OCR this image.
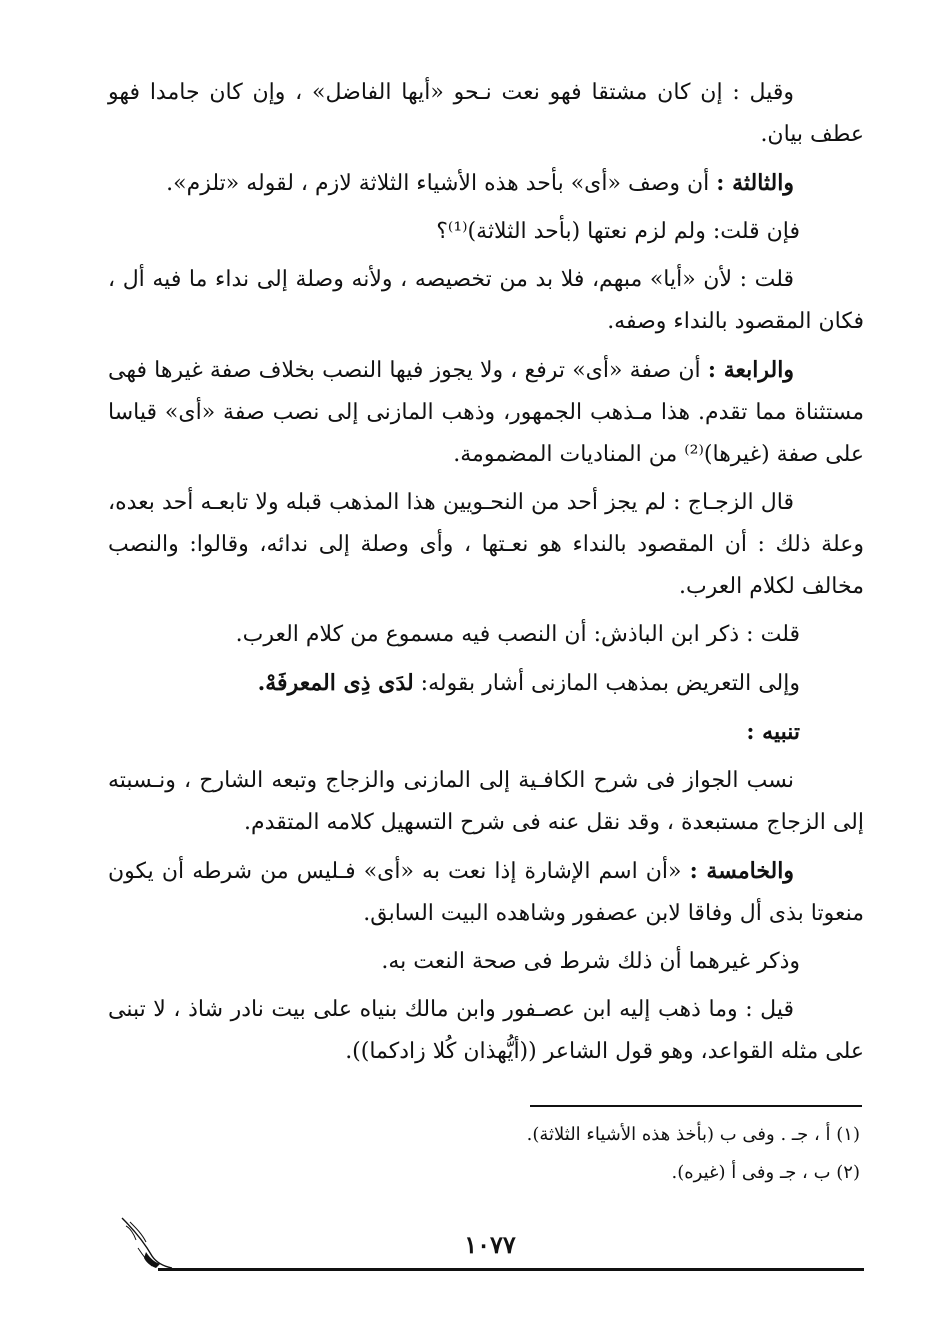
وقيل : إن كان مشتقا فهو نعت نـحو «أيها الفاضل» ، وإن كان جامدا فهو عطف بيان.

والثالثة : أن وصف «أى» بأحد هذه الأشياء الثلاثة لازم ، لقوله «تلزم».

فإن قلت: ولم لزم نعتها (بأحد الثلاثة)⁽¹⁾؟

قلت : لأن «أيا» مبهم، فلا بد من تخصيصه ، ولأنه وصلة إلى نداء ما فيه أل ، فكان المقصود بالنداء وصفه.

والرابعة : أن صفة «أى» ترفع ، ولا يجوز فيها النصب بخلاف صفة غيرها فهى مستثناة مما تقدم. هذا مـذهب الجمهور، وذهب المازنى إلى نصب صفة «أى» قياسا على صفة (غيرها)⁽²⁾ من المناديات المضمومة.

قال الزجـاج : لم يجز أحد من النحـويين هذا المذهب قبله ولا تابعـه أحد بعده، وعلة ذلك : أن المقصود بالنداء هو نعـتها ، وأى وصلة إلى ندائه، وقالوا: والنصب مخالف لكلام العرب.

قلت : ذكر ابن الباذش: أن النصب فيه مسموع من كلام العرب.

وإلى التعريض بمذهب المازنى أشار بقوله: لدَى ذِى المعرفَهْ.

تنبيه :

نسب الجواز فى شرح الكافـية إلى المازنى والزجاج وتبعه الشارح ، ونـسبته إلى الزجاج مستبعدة ، وقد نقل عنه فى شرح التسهيل كلامه المتقدم.

والخامسة : «أن اسم الإشارة إذا نعت به «أى» فـليس من شرطه أن يكون منعوتا بذى أل وفاقا لابن عصفور وشاهده البيت السابق.

وذكر غيرهما أن ذلك شرط فى صحة النعت به.

قيل : وما ذهب إليه ابن عصـفور وابن مالك بنياه على بيت نادر شاذ ، لا تبنى على مثله القواعد، وهو قول الشاعر ((أيُّهذان كُلا زادكما)).

(١) أ ، جـ . وفى ب (بأخذ هذه الأشياء الثلاثة).

(٢) ب ، جـ وفى أ (غيره).

١٠٧٧
